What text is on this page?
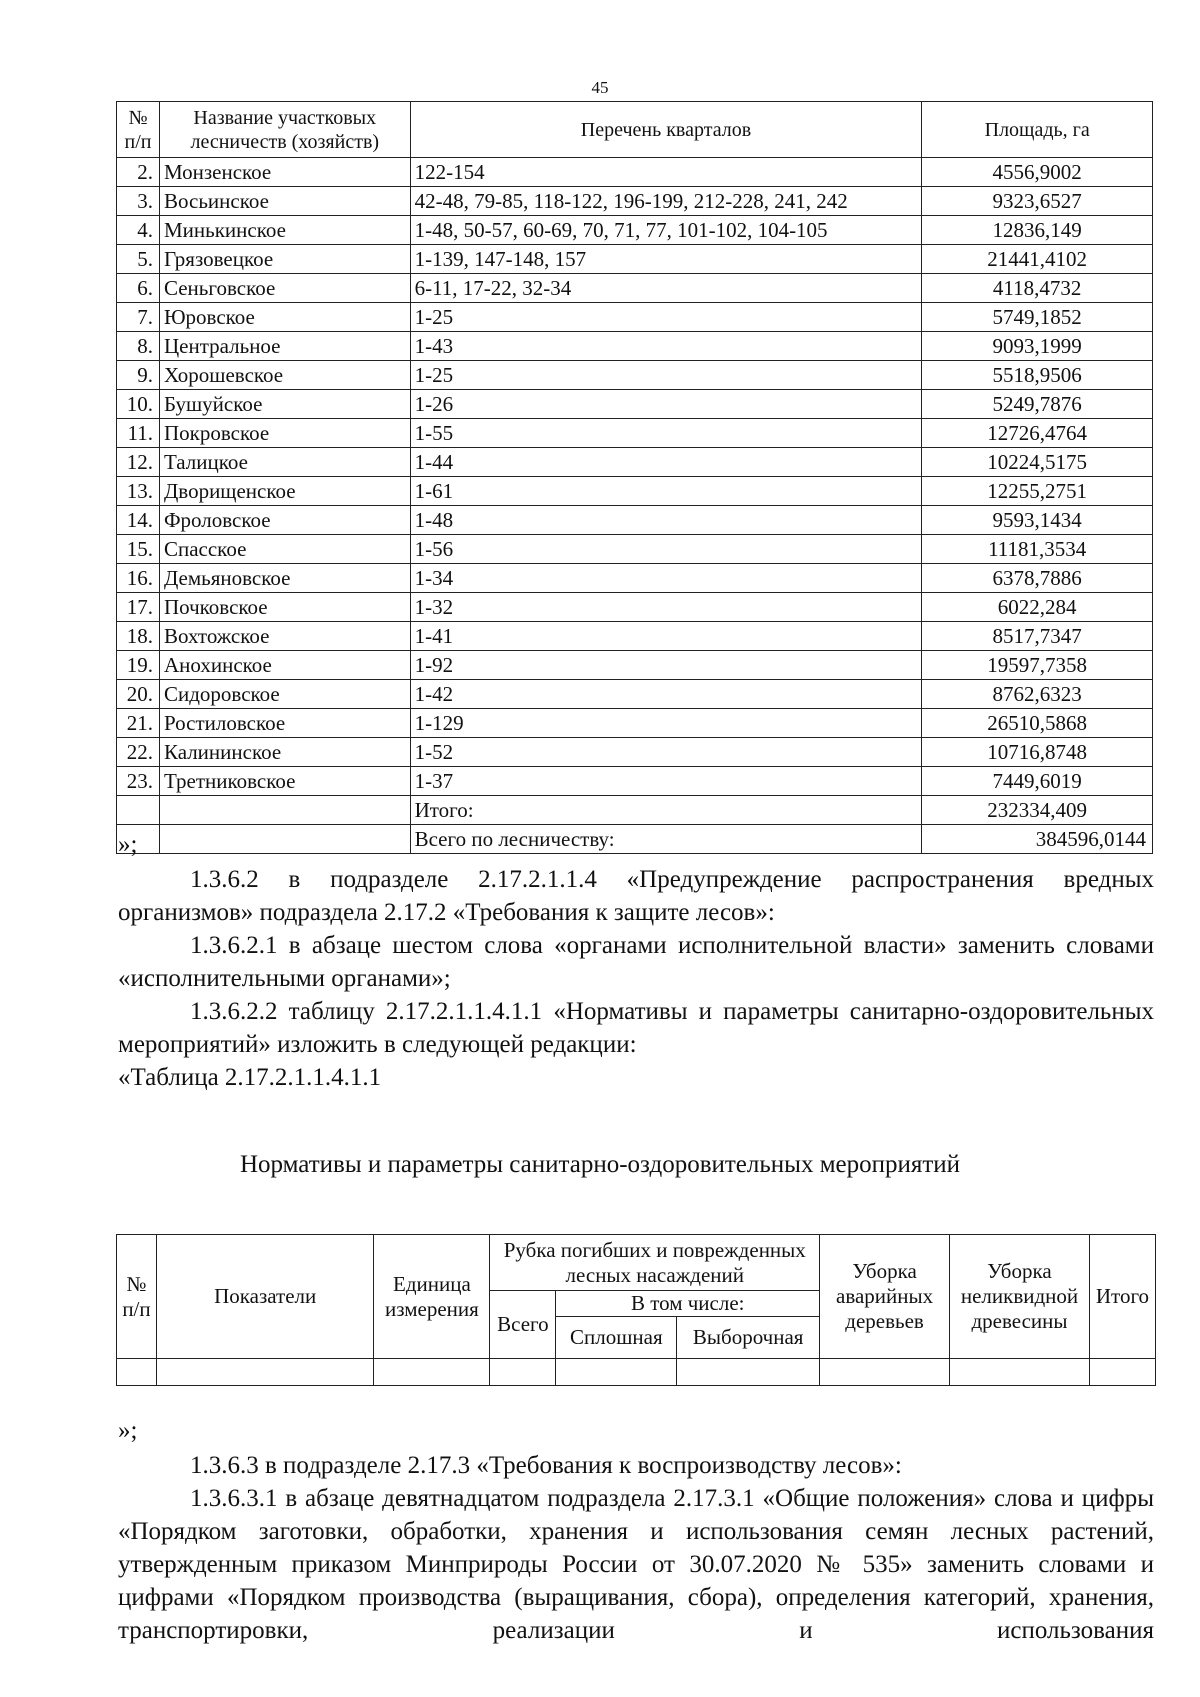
45
№ п/п	Название участковых лесничеств (хозяйств)	Перечень кварталов	Площадь, га
2.	Монзенское	122-154	4556,9002
3.	Восьинское	42-48, 79-85, 118-122, 196-199, 212-228, 241, 242	9323,6527
4.	Минькинское	1-48, 50-57, 60-69, 70, 71, 77, 101-102, 104-105	12836,149
5.	Грязовецкое	1-139, 147-148, 157	21441,4102
6.	Сеньговское	6-11, 17-22, 32-34	4118,4732
7.	Юровское	1-25	5749,1852
8.	Центральное	1-43	9093,1999
9.	Хорошевское	1-25	5518,9506
10.	Бушуйское	1-26	5249,7876
11.	Покровское	1-55	12726,4764
12.	Талицкое	1-44	10224,5175
13.	Дворищенское	1-61	12255,2751
14.	Фроловское	1-48	9593,1434
15.	Спасское	1-56	11181,3534
16.	Демьяновское	1-34	6378,7886
17.	Почковское	1-32	6022,284
18.	Вохтожское	1-41	8517,7347
19.	Анохинское	1-92	19597,7358
20.	Сидоровское	1-42	8762,6323
21.	Ростиловское	1-129	26510,5868
22.	Калининское	1-52	10716,8748
23.	Третниковское	1-37	7449,6019
		Итого:	232334,409
		Всего по лесничеству:	384596,0144

»;

1.3.6.2 в подразделе 2.17.2.1.1.4 «Предупреждение распространения вредных организмов» подраздела 2.17.2 «Требования к защите лесов»:

1.3.6.2.1 в абзаце шестом слова «органами исполнительной власти» заменить словами «исполнительными органами»;

1.3.6.2.2 таблицу 2.17.2.1.1.4.1.1 «Нормативы и параметры санитарно-оздоровительных мероприятий» изложить в следующей редакции:

«Таблица 2.17.2.1.1.4.1.1

Нормативы и параметры санитарно-оздоровительных мероприятий
№ п/п	Показатели	Единица измерения	Рубка погибших и поврежденных лесных насаждений			Уборка аварийных деревьев	Уборка неликвидной древесины	Итого
			Всего	В том числе:				
				Сплошная	Выборочная			

»;

1.3.6.3 в подразделе 2.17.3 «Требования к воспроизводству лесов»:

1.3.6.3.1 в абзаце девятнадцатом подраздела 2.17.3.1 «Общие положения» слова и цифры «Порядком заготовки, обработки, хранения и использования семян лесных растений, утвержденным приказом Минприроды России от 30.07.2020 № 535» заменить словами и цифрами «Порядком производства (выращивания, сбора), определения категорий, хранения, транспортировки, реализации и использования
